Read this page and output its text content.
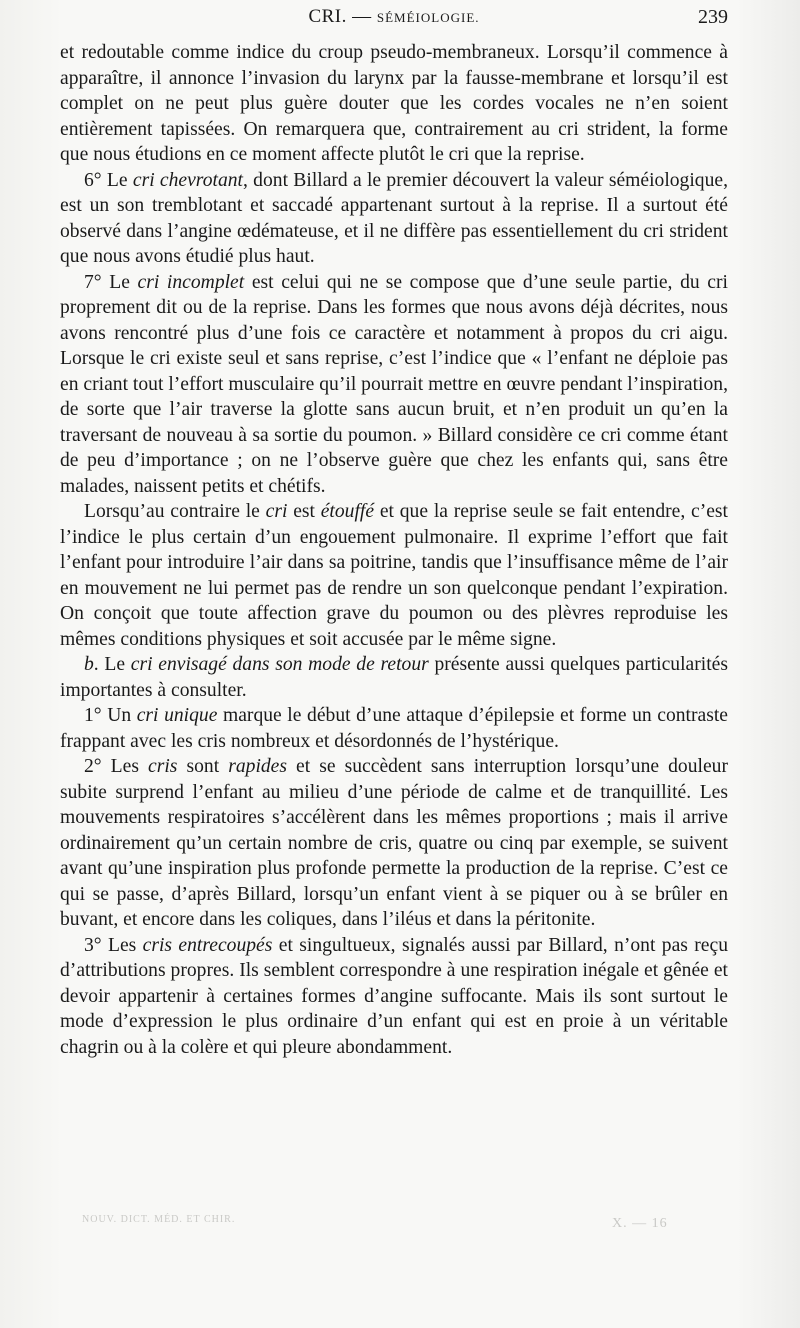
CRI. — SÉMÉIOLOGIE.	239

et redoutable comme indice du croup pseudo-membraneux. Lorsqu’il commence à apparaître, il annonce l’invasion du larynx par la fausse-membrane et lorsqu’il est complet on ne peut plus guère douter que les cordes vocales ne n’en soient entièrement tapissées. On remarquera que, contrairement au cri strident, la forme que nous étudions en ce moment affecte plutôt le cri que la reprise.

6° Le cri chevrotant, dont Billard a le premier découvert la valeur séméiologique, est un son tremblotant et saccadé appartenant surtout à la reprise. Il a surtout été observé dans l’angine œdémateuse, et il ne diffère pas essentiellement du cri strident que nous avons étudié plus haut.

7° Le cri incomplet est celui qui ne se compose que d’une seule partie, du cri proprement dit ou de la reprise. Dans les formes que nous avons déjà décrites, nous avons rencontré plus d’une fois ce caractère et notamment à propos du cri aigu. Lorsque le cri existe seul et sans reprise, c’est l’indice que « l’enfant ne déploie pas en criant tout l’effort musculaire qu’il pourrait mettre en œuvre pendant l’inspiration, de sorte que l’air traverse la glotte sans aucun bruit, et n’en produit un qu’en la traversant de nouveau à sa sortie du poumon. » Billard considère ce cri comme étant de peu d’importance ; on ne l’observe guère que chez les enfants qui, sans être malades, naissent petits et chétifs.

Lorsqu’au contraire le cri est étouffé et que la reprise seule se fait entendre, c’est l’indice le plus certain d’un engouement pulmonaire. Il exprime l’effort que fait l’enfant pour introduire l’air dans sa poitrine, tandis que l’insuffisance même de l’air en mouvement ne lui permet pas de rendre un son quelconque pendant l’expiration. On conçoit que toute affection grave du poumon ou des plèvres reproduise les mêmes conditions physiques et soit accusée par le même signe.

b. Le cri envisagé dans son mode de retour présente aussi quelques particularités importantes à consulter.

1° Un cri unique marque le début d’une attaque d’épilepsie et forme un contraste frappant avec les cris nombreux et désordonnés de l’hystérique.

2° Les cris sont rapides et se succèdent sans interruption lorsqu’une douleur subite surprend l’enfant au milieu d’une période de calme et de tranquillité. Les mouvements respiratoires s’accélèrent dans les mêmes proportions ; mais il arrive ordinairement qu’un certain nombre de cris, quatre ou cinq par exemple, se suivent avant qu’une inspiration plus profonde permette la production de la reprise. C’est ce qui se passe, d’après Billard, lorsqu’un enfant vient à se piquer ou à se brûler en buvant, et encore dans les coliques, dans l’iléus et dans la péritonite.

3° Les cris entrecoupés et singultueux, signalés aussi par Billard, n’ont pas reçu d’attributions propres. Ils semblent correspondre à une respiration inégale et gênée et devoir appartenir à certaines formes d’angine suffocante. Mais ils sont surtout le mode d’expression le plus ordinaire d’un enfant qui est en proie à un véritable chagrin ou à la colère et qui pleure abondamment.

NOUV. DICT. MÉD. ET CHIR.	X. — 16
